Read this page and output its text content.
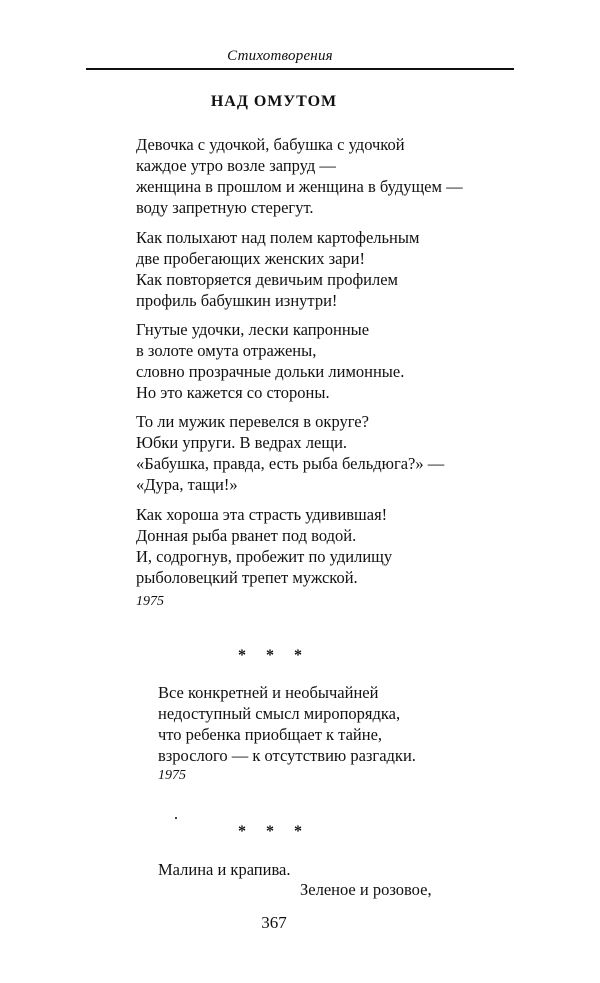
Стихотворения
НАД ОМУТОМ
Девочка с удочкой, бабушка с удочкой
каждое утро возле запруд —
женщина в прошлом и женщина в будущем —
воду запретную стерегут.
Как полыхают над полем картофельным
две пробегающих женских зари!
Как повторяется девичьим профилем
профиль бабушкин изнутри!
Гнутые удочки, лески капронные
в золоте омута отражены,
словно прозрачные дольки лимонные.
Но это кажется со стороны.
То ли мужик перевелся в округе?
Юбки упруги. В ведрах лещи.
«Бабушка, правда, есть рыба бельдюга?» —
«Дура, тащи!»
Как хороша эта страсть удивившая!
Донная рыба рванет под водой.
И, содрогнув, пробежит по удилищу
рыболовецкий трепет мужской.
1975
* * *
Все конкретней и необычайней
недоступный смысл миропорядка,
что ребенка приобщает к тайне,
взрослого — к отсутствию разгадки.
1975
* * *
Малина и крапива.
Зеленое и розовое,
367
